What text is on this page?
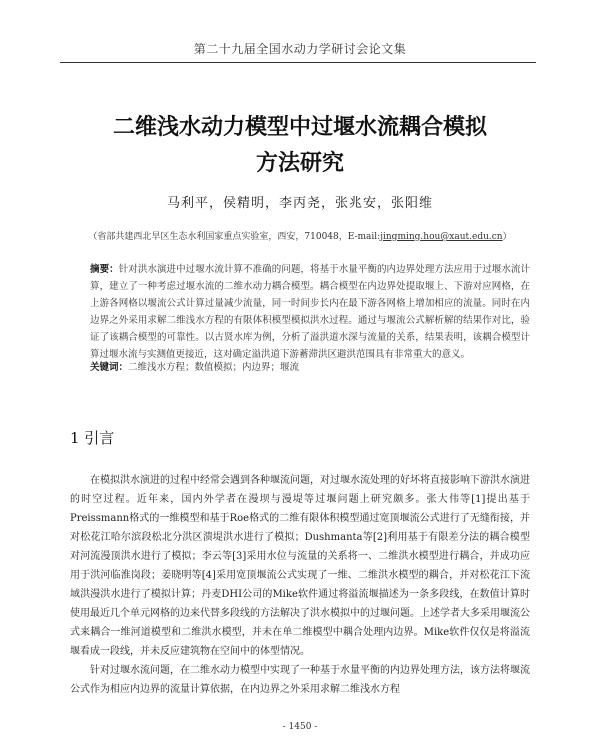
第二十九届全国水动力学研讨会论文集
二维浅水动力模型中过堰水流耦合模拟
方法研究
马利平，侯精明，李丙尧，张兆安，张阳维
（省部共建西北旱区生态水利国家重点实验室，西安，710048，E-mail:jingming.hou@xaut.edu.cn）
摘要：针对洪水演进中过堰水流计算不准确的问题，将基于水量平衡的内边界处理方法应用于过堰水流计算，建立了一种考虑过堰水流的二维水动力耦合模型。耦合模型在内边界处提取堰上、下游对应网格，在上游各网格以堰流公式计算过量减少流量，同一时间步长内在最下游各网格上增加相应的流量。同时在内边界之外采用求解二维浅水方程的有限体积模型模拟洪水过程。通过与堰流公式解析解的结果作对比，验证了该耦合模型的可靠性。以古贤水库为例，分析了溢洪道水深与流量的关系，结果表明，该耦合模型计算过堰水流与实测值更接近，这对确定溢洪道下游蓄滞洪区避洪范围具有非常重大的意义。
关键词：二维浅水方程；数值模拟；内边界；堰流
1 引言

在模拟洪水演进的过程中经常会遇到各种堰流问题，对过堰水流处理的好坏将直接影响下游洪水演进的时空过程。近年来，国内外学者在漫坝与漫堤等过堰问题上研究颇多。张大伟等[1]提出基于Preissmann格式的一维模型和基于Roe格式的二维有限体积模型通过宽顶堰流公式进行了无缝衔接，并对松花江哈尔滨段松北分洪区溃堤洪水进行了模拟；Dushmanta等[2]利用基于有限差分法的耦合模型对河流漫顶洪水进行了模拟；李云等[3]采用水位与流量的关系将一、二维洪水模型进行耦合，并成功应用于洪河临淮岗段；姜晓明等[4]采用宽顶堰流公式实现了一维、二维洪水模型的耦合，并对松花江下流域洪漫洪水进行了模拟计算；丹麦DHI公司的Mike软件通过将溢流堰描述为一条多段线，在数值计算时使用最近几个单元网格的边来代替多段线的方法解决了洪水模拟中的过堰问题。上述学者大多采用堰流公式来耦合一维河道模型和二维洪水模型，并未在单二维模型中耦合处理内边界。Mike软件仅仅是将溢流堰看成一段线，并未反应建筑物在空间中的体型情况。

针对过堰水流问题，在二维水动力模型中实现了一种基于水量平衡的内边界处理方法，该方法将堰流公式作为相应内边界的流量计算依据，在内边界之外采用求解二维浅水方程

- 1450 -
